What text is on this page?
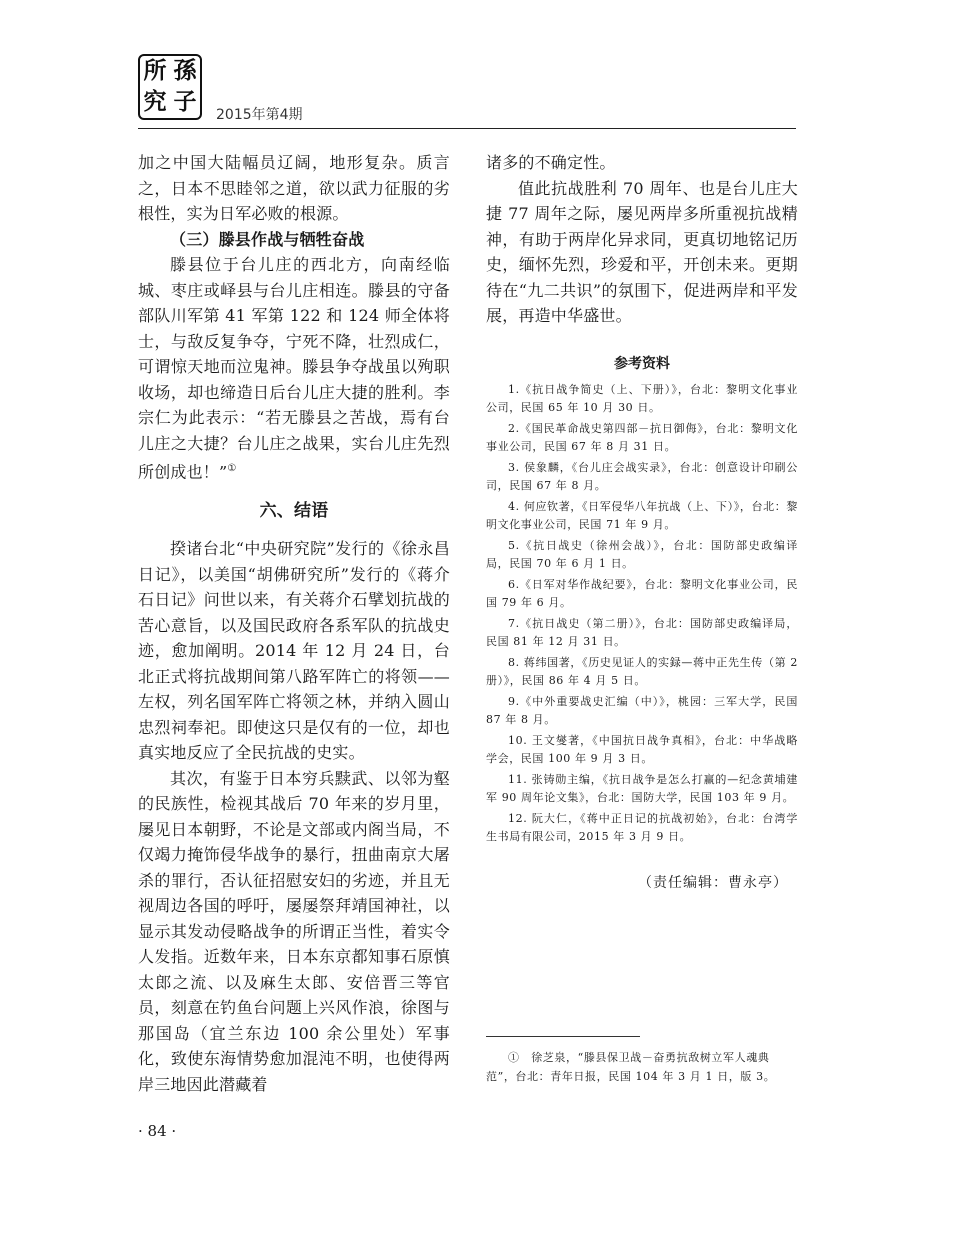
所 孫
究 子 2015年第4期

加之中国大陆幅员辽阔，地形复杂。质言之，日本不思睦邻之道，欲以武力征服的劣根性，实为日军必败的根源。

（三）滕县作战与牺牲奋战

滕县位于台儿庄的西北方，向南经临城、枣庄或峄县与台儿庄相连。滕县的守备部队川军第 41 军第 122 和 124 师全体将士，与敌反复争夺，宁死不降，壮烈成仁，可谓惊天地而泣鬼神。滕县争夺战虽以殉职收场，却也缔造日后台儿庄大捷的胜利。李宗仁为此表示：“若无滕县之苦战，焉有台儿庄之大捷？台儿庄之战果，实台儿庄先烈所创成也！”①

六、结语

揆诸台北“中央研究院”发行的《徐永昌日记》，以美国“胡佛研究所”发行的《蒋介石日记》问世以来，有关蒋介石擘划抗战的苦心意旨，以及国民政府各系军队的抗战史迹，愈加阐明。2014 年 12 月 24 日，台北正式将抗战期间第八路军阵亡的将领——左权，列名国军阵亡将领之林，并纳入圆山忠烈祠奉祀。即使这只是仅有的一位，却也真实地反应了全民抗战的史实。

其次，有鉴于日本穷兵黩武、以邻为壑的民族性，检视其战后 70 年来的岁月里，屡见日本朝野，不论是文部或内阁当局，不仅竭力掩饰侵华战争的暴行，扭曲南京大屠杀的罪行，否认征招慰安妇的劣迹，并且无视周边各国的呼吁，屡屡祭拜靖国神社，以显示其发动侵略战争的所谓正当性，着实令人发指。近数年来，日本东京都知事石原慎太郎之流、以及麻生太郎、安倍晋三等官员，刻意在钓鱼台问题上兴风作浪，徐图与那国岛（宜兰东边 100 余公里处）军事化，致使东海情势愈加混沌不明，也使得两岸三地因此潜藏着

诸多的不确定性。

值此抗战胜利 70 周年、也是台儿庄大捷 77 周年之际，屡见两岸多所重视抗战精神，有助于两岸化异求同，更真切地铭记历史，缅怀先烈，珍爱和平，开创未来。更期待在“九二共识”的氛围下，促进两岸和平发展，再造中华盛世。

参考资料
1.《抗日战争简史（上、下册）》，台北：黎明文化事业公司，民国 65 年 10 月 30 日。
2.《国民革命战史第四部－抗日御侮》，台北：黎明文化事业公司，民国 67 年 8 月 31 日。
3. 侯象麟，《台儿庄会战实录》，台北：创意设计印刷公司，民国 67 年 8 月。
4. 何应钦著，《日军侵华八年抗战（上、下）》，台北：黎明文化事业公司，民国 71 年 9 月。
5.《抗日战史（徐州会战）》，台北：国防部史政编译局，民国 70 年 6 月 1 日。
6.《日军对华作战纪要》，台北：黎明文化事业公司，民国 79 年 6 月。
7.《抗日战史（第二册）》，台北：国防部史政编译局，民国 81 年 12 月 31 日。
8. 蒋纬国著，《历史见证人的实録—蒋中正先生传（第 2 册）》，民国 86 年 4 月 5 日。
9.《中外重要战史汇编（中）》，桃园：三军大学，民国 87 年 8 月。
10. 王文燮著，《中国抗日战争真相》，台北：中华战略学会，民国 100 年 9 月 3 日。
11. 张铸勋主编，《抗日战争是怎么打赢的—纪念黄埔建军 90 周年论文集》，台北：国防大学，民国 103 年 9 月。
12. 阮大仁，《蒋中正日记的抗战初始》，台北：台湾学生书局有限公司，2015 年 3 月 9 日。
（责任编辑：曹永亭）
①　徐芝泉，“滕县保卫战－奋勇抗敌树立军人魂典范”，台北：青年日报，民国 104 年 3 月 1 日，版 3。
· 84 ·
